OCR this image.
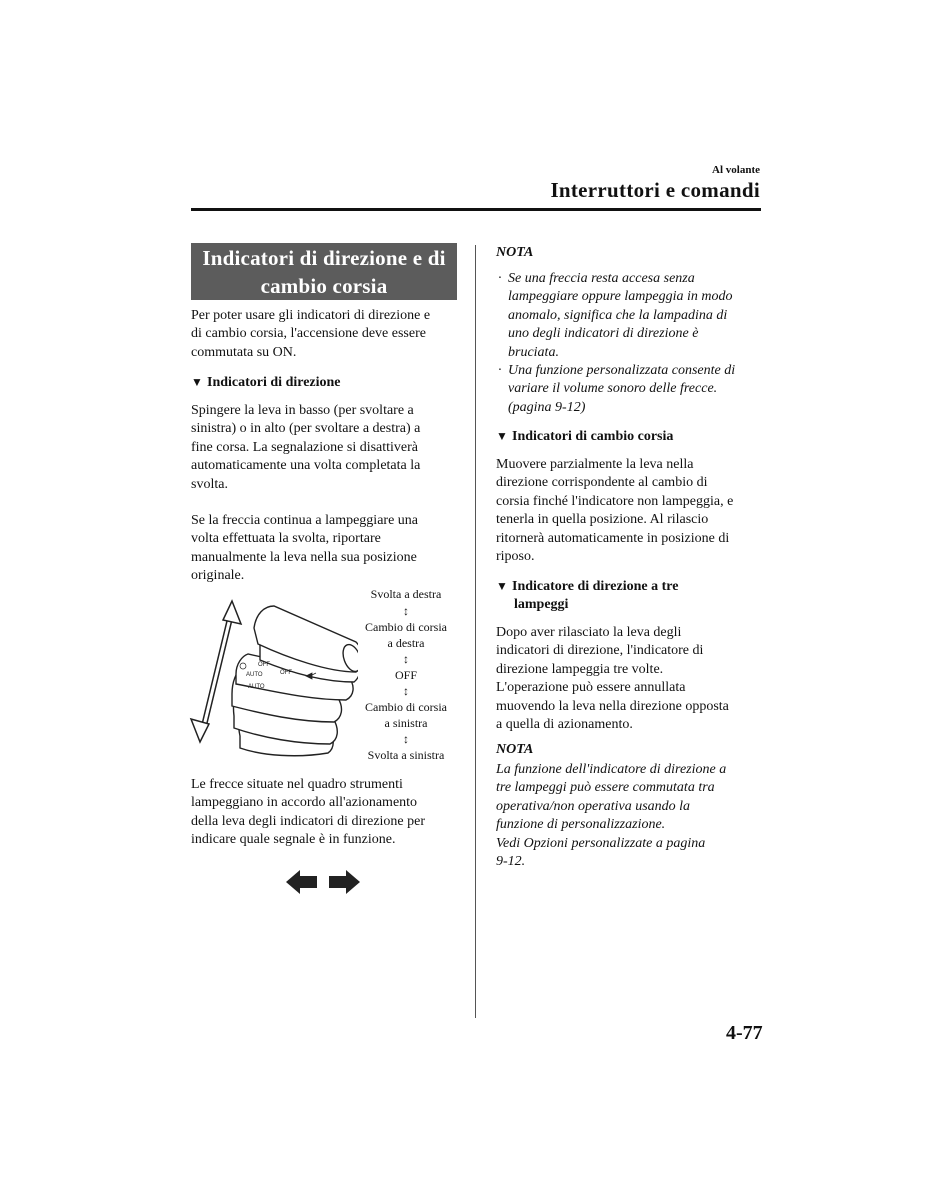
Al volante
Interruttori e comandi
Indicatori di direzione e di
cambio corsia
Per poter usare gli indicatori di direzione e
di cambio corsia, l'accensione deve essere
commutata su ON.
▼ Indicatori di direzione
Spingere la leva in basso (per svoltare a
sinistra) o in alto (per svoltare a destra) a
fine corsa. La segnalazione si disattiverà
automaticamente una volta completata la
svolta.
Se la freccia continua a lampeggiare una
volta effettuata la svolta, riportare
manualmente la leva nella sua posizione
originale.
OFF
AUTO	OFF
AUTO
Svolta a destra
↕
Cambio di corsia
a destra
↕
OFF
↕
Cambio di corsia
a sinistra
↕
Svolta a sinistra
Le frecce situate nel quadro strumenti
lampeggiano in accordo all'azionamento
della leva degli indicatori di direzione per
indicare quale segnale è in funzione.
NOTA
· Se una freccia resta accesa senza
lampeggiare oppure lampeggia in modo
anomalo, significa che la lampadina di
uno degli indicatori di direzione è
bruciata.
· Una funzione personalizzata consente di
variare il volume sonoro delle frecce.
(pagina 9-12)
▼ Indicatori di cambio corsia
Muovere parzialmente la leva nella
direzione corrispondente al cambio di
corsia finché l'indicatore non lampeggia, e
tenerla in quella posizione. Al rilascio
ritornerà automaticamente in posizione di
riposo.
▼ Indicatore di direzione a tre
lampeggi
Dopo aver rilasciato la leva degli
indicatori di direzione, l'indicatore di
direzione lampeggia tre volte.
L'operazione può essere annullata
muovendo la leva nella direzione opposta
a quella di azionamento.
NOTA
La funzione dell'indicatore di direzione a
tre lampeggi può essere commutata tra
operativa/non operativa usando la
funzione di personalizzazione.
Vedi Opzioni personalizzate a pagina
9-12.
4-77
